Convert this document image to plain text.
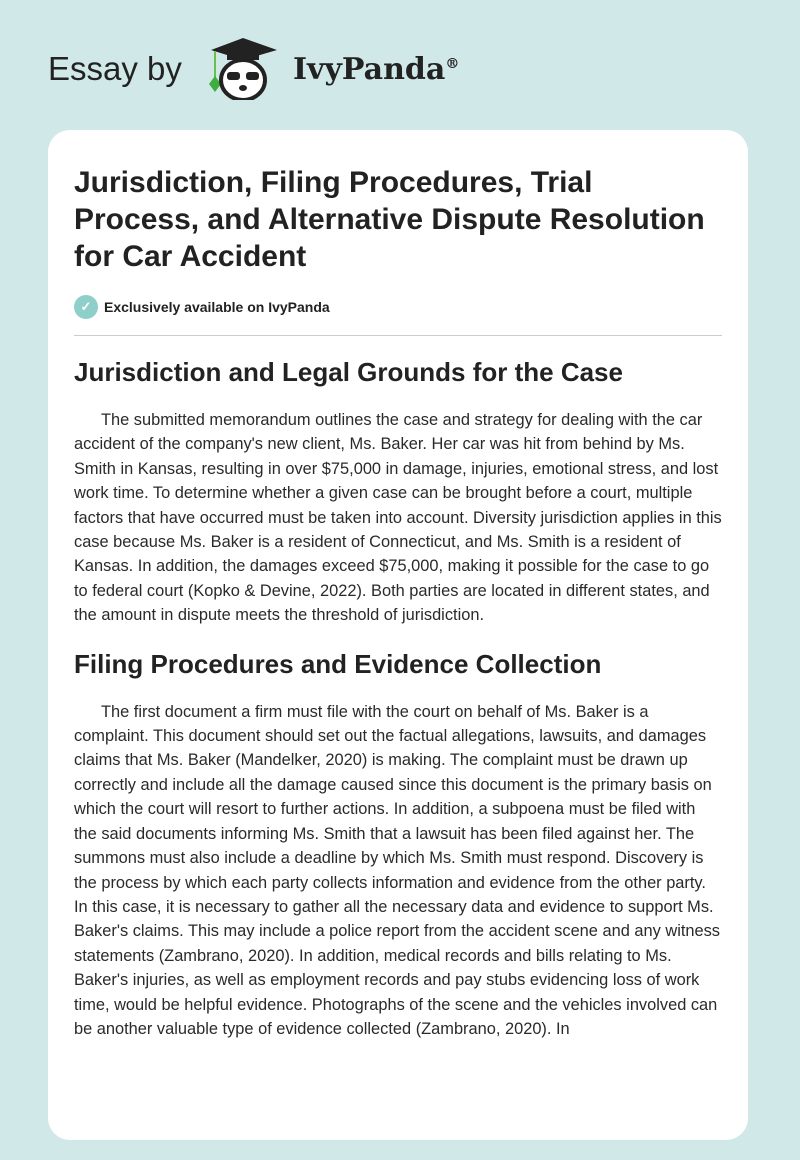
Essay by	IvyPanda®
Jurisdiction, Filing Procedures, Trial Process, and Alternative Dispute Resolution for Car Accident
✓ Exclusively available on IvyPanda
Jurisdiction and Legal Grounds for the Case

The submitted memorandum outlines the case and strategy for dealing with the car accident of the company's new client, Ms. Baker. Her car was hit from behind by Ms. Smith in Kansas, resulting in over $75,000 in damage, injuries, emotional stress, and lost work time. To determine whether a given case can be brought before a court, multiple factors that have occurred must be taken into account. Diversity jurisdiction applies in this case because Ms. Baker is a resident of Connecticut, and Ms. Smith is a resident of Kansas. In addition, the damages exceed $75,000, making it possible for the case to go to federal court (Kopko & Devine, 2022). Both parties are located in different states, and the amount in dispute meets the threshold of jurisdiction.

Filing Procedures and Evidence Collection

The first document a firm must file with the court on behalf of Ms. Baker is a complaint. This document should set out the factual allegations, lawsuits, and damages claims that Ms. Baker (Mandelker, 2020) is making. The complaint must be drawn up correctly and include all the damage caused since this document is the primary basis on which the court will resort to further actions. In addition, a subpoena must be filed with the said documents informing Ms. Smith that a lawsuit has been filed against her. The summons must also include a deadline by which Ms. Smith must respond. Discovery is the process by which each party collects information and evidence from the other party. In this case, it is necessary to gather all the necessary data and evidence to support Ms. Baker's claims. This may include a police report from the accident scene and any witness statements (Zambrano, 2020). In addition, medical records and bills relating to Ms. Baker's injuries, as well as employment records and pay stubs evidencing loss of work time, would be helpful evidence. Photographs of the scene and the vehicles involved can be another valuable type of evidence collected (Zambrano, 2020). In
